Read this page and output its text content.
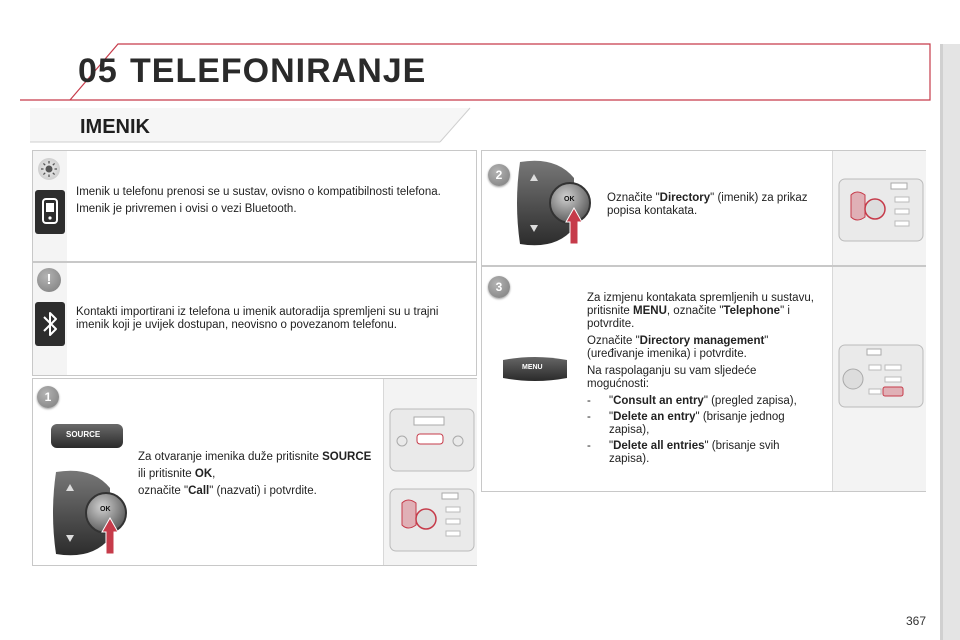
05 TELEFONIRANJE
IMENIK

Imenik u telefonu prenosi se u sustav, ovisno o kompatibilnosti telefona.

Imenik je privremen i ovisi o vezi Bluetooth.

!
Kontakti importirani iz telefona u imenik autoradija spremljeni su u trajni imenik koji je uvijek dostupan, neovisno o povezanom telefonu.
1
SOURCE
OK

Za otvaranje imenika duže pritisnite SOURCE

ili pritisnite OK,

označite "Call" (nazvati) i potvrdite.

2
OK	Označite "Directory" (imenik) za prikaz popisa kontakata.
3
MENU

Za izmjenu kontakata spremljenih u sustavu, pritisnite MENU, označite "Telephone" i potvrdite.

Označite "Directory management" (uređivanje imenika) i potvrdite.

Na raspolaganju su vam sljedeće mogućnosti:

- "Consult an entry" (pregled zapisa),
- "Delete an entry" (brisanje jednog zapisa),
- "Delete all entries" (brisanje svih zapisa).
367
